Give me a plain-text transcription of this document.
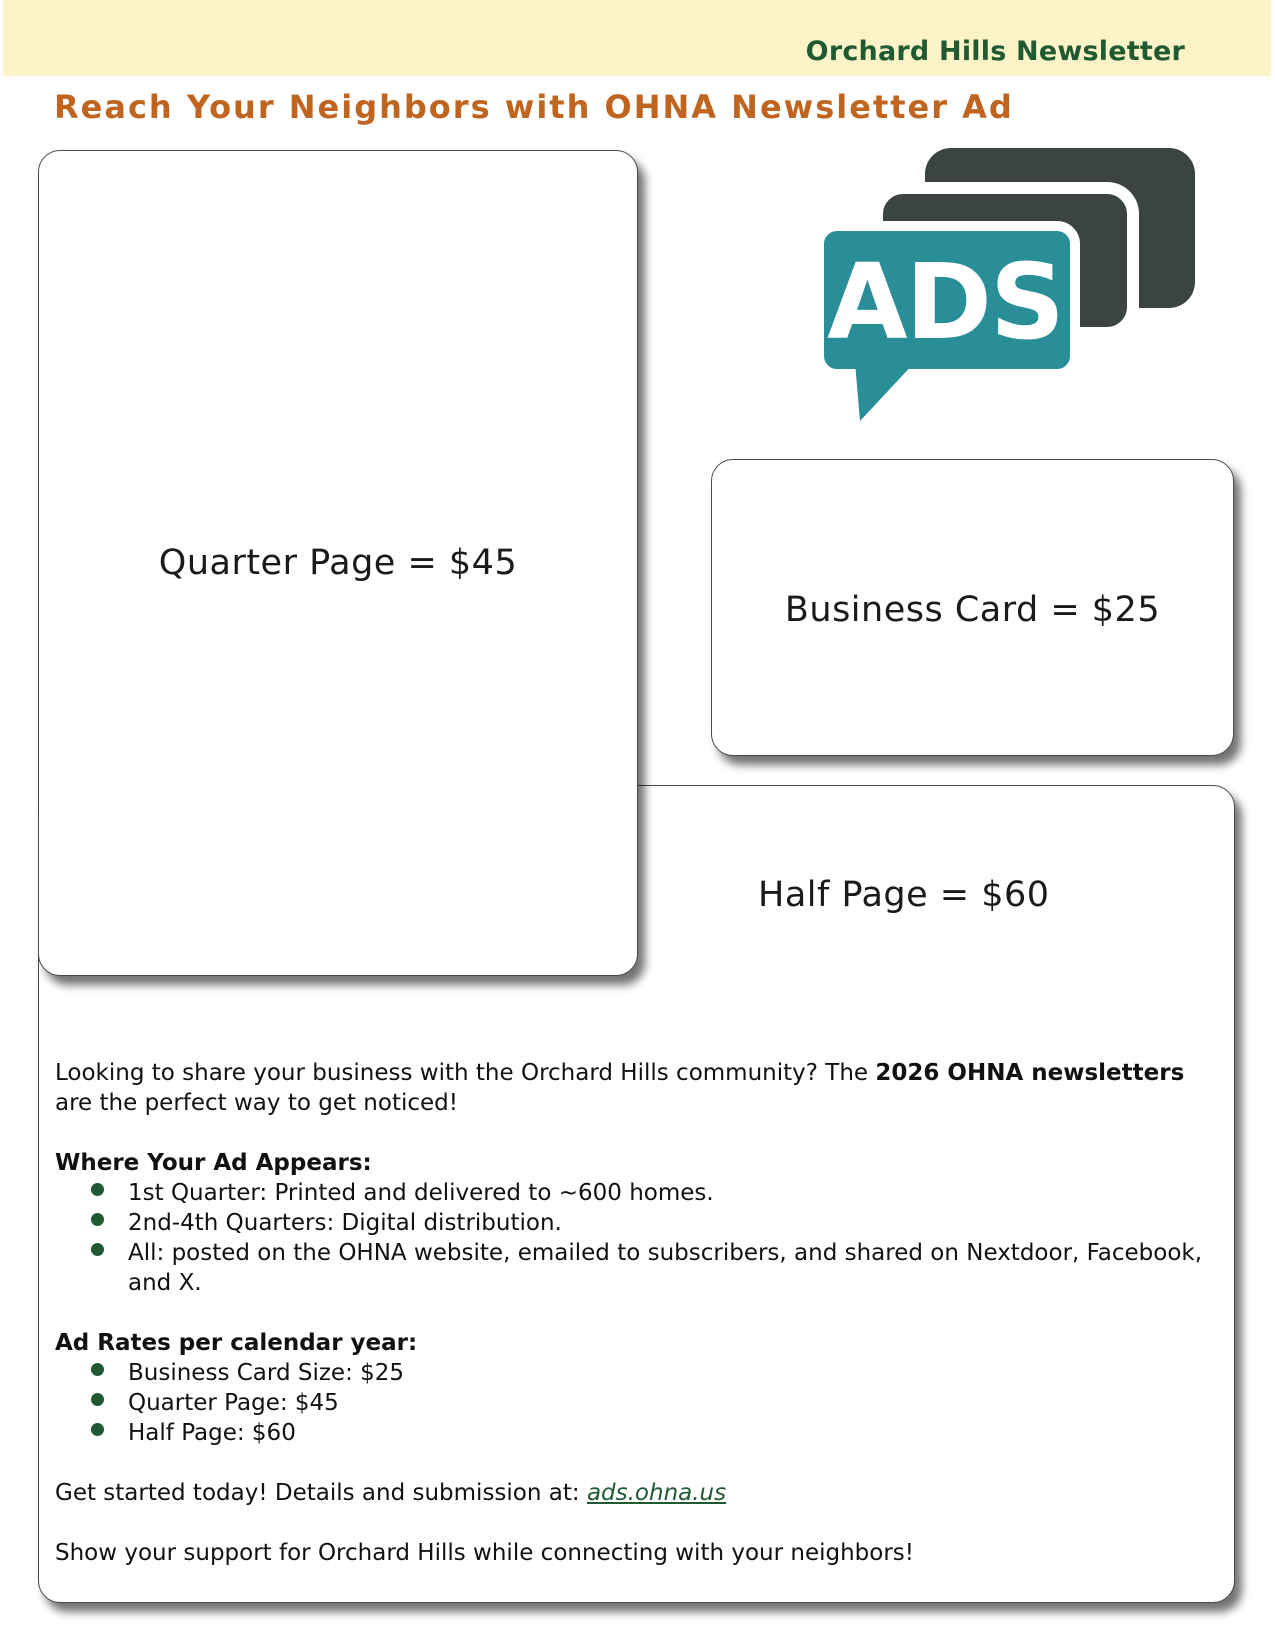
Orchard Hills Newsletter
Reach Your Neighbors with OHNA Newsletter Ad
Quarter Page = $45
Business Card = $25
Half Page = $60
ADS

Looking to share your business with the Orchard Hills community? The 2026 OHNA newsletters are the perfect way to get noticed!

Where Your Ad Appears:

1st Quarter: Printed and delivered to ~600 homes.
2nd-4th Quarters: Digital distribution.
All: posted on the OHNA website, emailed to subscribers, and shared on Nextdoor, Facebook, and X.

Ad Rates per calendar year:

Business Card Size: $25
Quarter Page: $45
Half Page: $60

Get started today! Details and submission at: ads.ohna.us

Show your support for Orchard Hills while connecting with your neighbors!
